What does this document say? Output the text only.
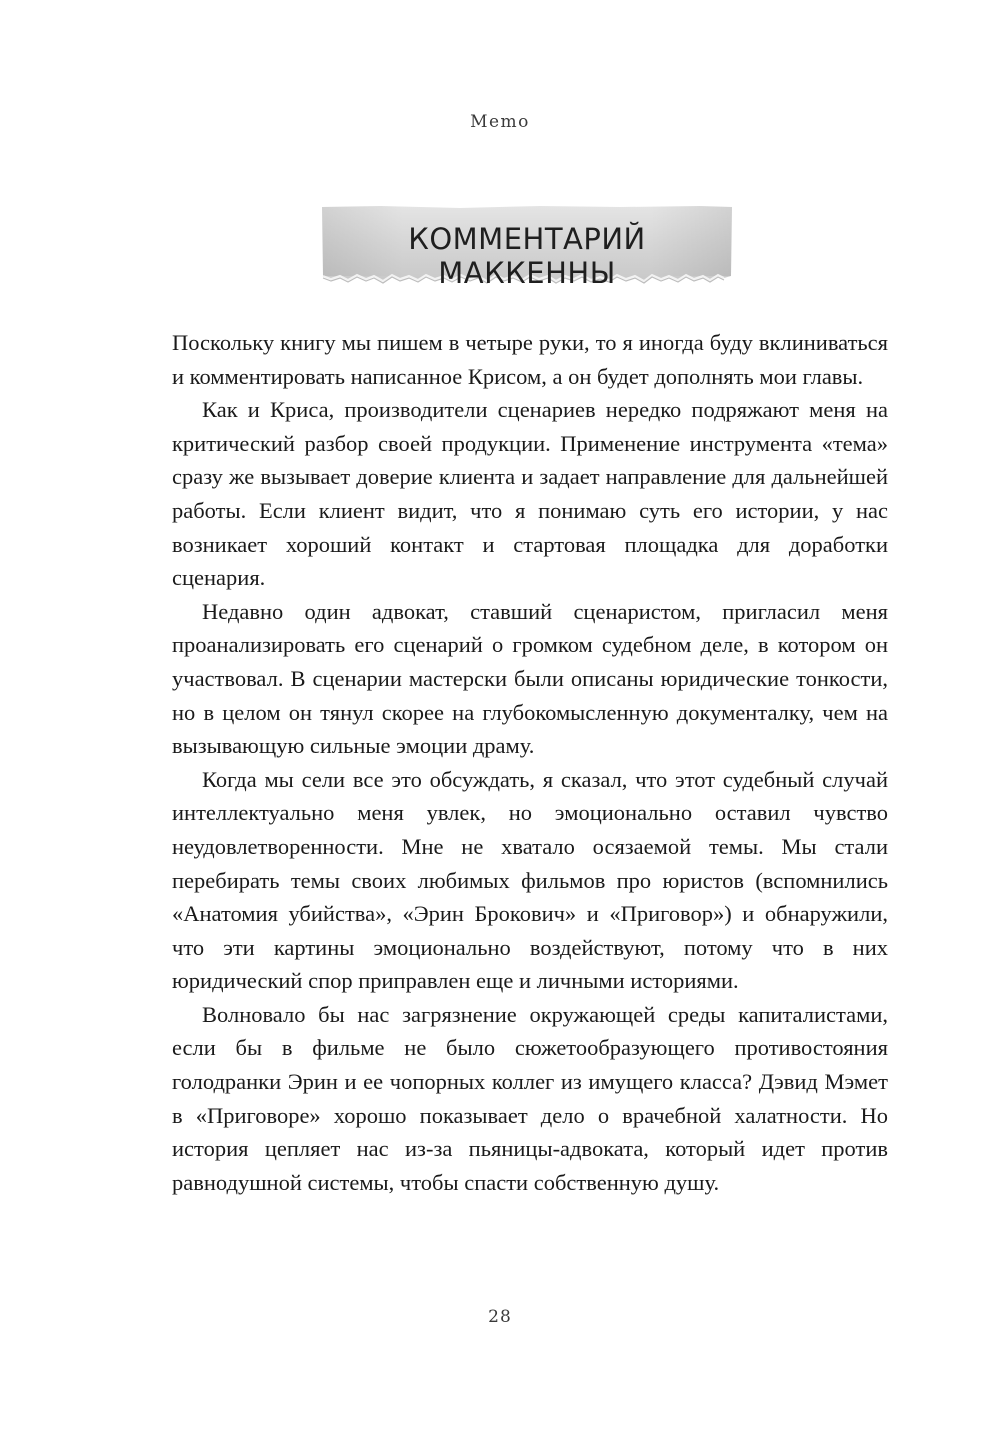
Memo
КОММЕНТАРИЙ МАККЕННЫ

Поскольку книгу мы пишем в четыре руки, то я иногда буду вклиниваться и комментировать написанное Крисом, а он будет дополнять мои главы.

Как и Криса, производители сценариев нередко подряжают меня на критический разбор своей продукции. Применение инструмента «тема» сразу же вызывает доверие клиента и задает направление для дальнейшей работы. Если клиент видит, что я понимаю суть его истории, у нас возникает хороший контакт и стартовая площадка для доработки сценария.

Недавно один адвокат, ставший сценаристом, пригласил меня проанализировать его сценарий о громком судебном деле, в котором он участвовал. В сценарии мастерски были описаны юридические тонкости, но в целом он тянул скорее на глубокомысленную документалку, чем на вызывающую сильные эмоции драму.

Когда мы сели все это обсуждать, я сказал, что этот судебный случай интеллектуально меня увлек, но эмоционально оставил чувство неудовлетворенности. Мне не хватало осязаемой темы. Мы стали перебирать темы своих любимых фильмов про юристов (вспомнились «Анатомия убийства», «Эрин Брокович» и «Приговор») и обнаружили, что эти картины эмоционально воздействуют, потому что в них юридический спор приправлен еще и личными историями.

Волновало бы нас загрязнение окружающей среды капиталистами, если бы в фильме не было сюжетообразующего противостояния голодранки Эрин и ее чопорных коллег из имущего класса? Дэвид Мэмет в «Приговоре» хорошо показывает дело о врачебной халатности. Но история цепляет нас из-за пьяницы-адвоката, который идет против равнодушной системы, чтобы спасти собственную душу.

28
